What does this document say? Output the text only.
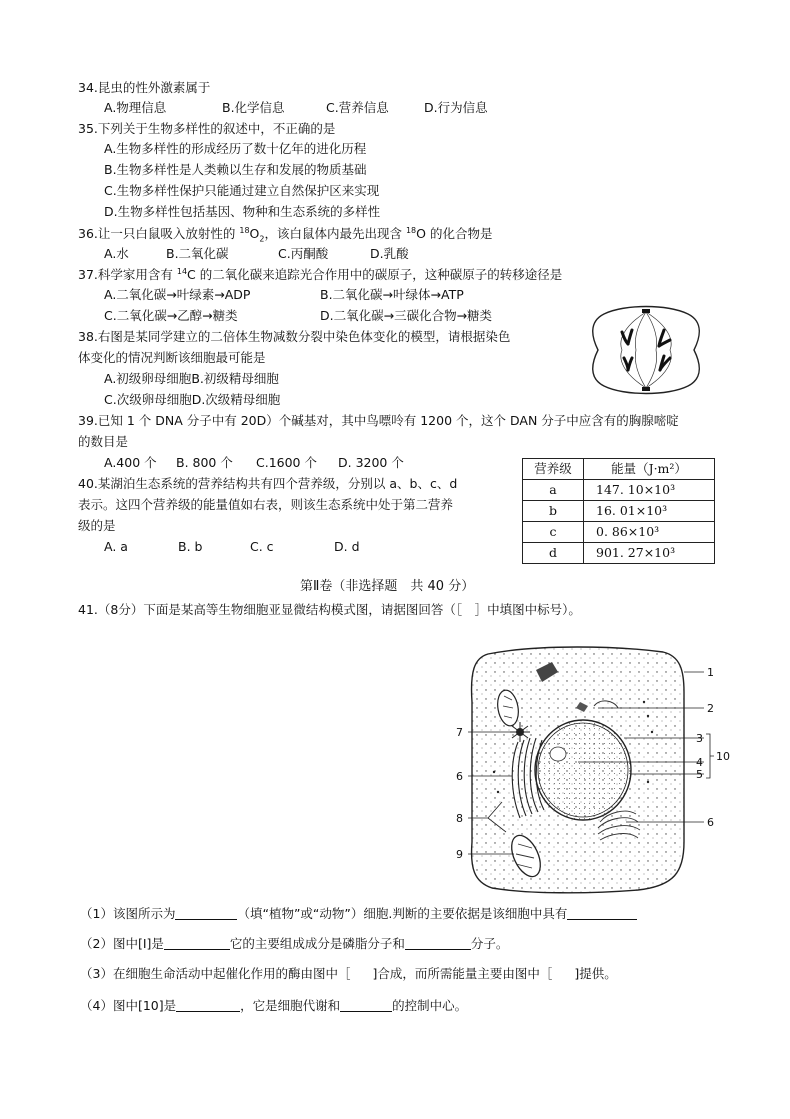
34.昆虫的性外激素属于
A.物理信息	B.化学信息	C.营养信息	D.行为信息
35.下列关于生物多样性的叙述中，不正确的是
A.生物多样性的形成经历了数十亿年的进化历程
B.生物多样性是人类赖以生存和发展的物质基础
C.生物多样性保护只能通过建立自然保护区来实现
D.生物多样性包括基因、物种和生态系统的多样性
36.让一只白鼠吸入放射性的 $^{18}O_2$，该白鼠体内最先出现含 $^{18}$O 的化合物是
A.水	B.二氧化碳	C.丙酮酸	D.乳酸
37.科学家用含有 $^{14}$C 的二氧化碳来追踪光合作用中的碳原子，这种碳原子的转移途径是
A.二氧化碳→叶绿素→ADP	B.二氧化碳→叶绿体→ATP
C.二氧化碳→乙醇→糖类	D.二氧化碳→三碳化合物→糖类
38.右图是某同学建立的二倍体生物减数分裂中染色体变化的模型，请根据染色
体变化的情况判断该细胞最可能是
A.初级卵母细胞B.初级精母细胞
C.次级卵母细胞D.次级精母细胞
39.已知 1 个 DNA 分子中有 20D）个碱基对，其中鸟嘌呤有 1200 个，这个 DAN 分子中应含有的胸腺嘧啶
的数目是
A.400 个 B. 800 个 C.1600 个 D. 3200 个
40.某湖泊生态系统的营养结构共有四个营养级，分别以 a、b、c、d
表示。这四个营养级的能量值如右表，则该生态系统中处于第二营养
级的是
A. a	B. b	C. c	D. d
营养级	能量（J·m²）
a	147. 10×10³
b	16. 01×10³
c	0. 86×10³
d	901. 27×10³
第Ⅱ卷（非选择题　共 40 分）
41.（8分）下面是某高等生物细胞亚显微结构模式图，请据图回答（［　］中填图中标号）。
1
2
3
4
5
6
6
7
8
9
10
（1）该图所示为	（填“植物”或“动物”）细胞.判断的主要依据是该细胞中具有
（2）图中[I]是	它的主要组成成分是磷脂分子和	分子。
（3）在细胞生命活动中起催化作用的酶由图中［ ]合成，而所需能量主要由图中［ ]提供。
（4）图中[10]是	，它是细胞代谢和	的控制中心。
